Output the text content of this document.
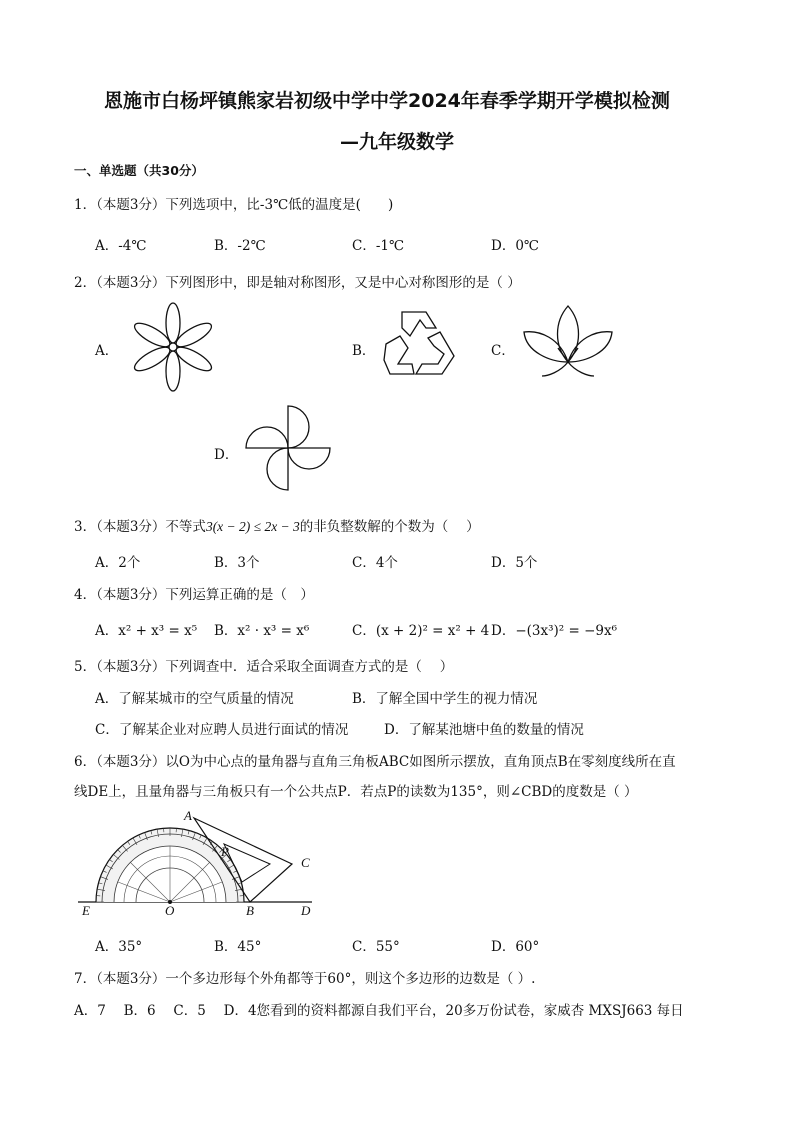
恩施市白杨坪镇熊家岩初级中学中学2024年春季学期开学模拟检测
—九年级数学
一、单选题（共30分）
1．（本题3分）下列选项中，比-3℃低的温度是(　　)
A．-4℃	B．-2℃	C．-1℃	D．0℃
2．（本题3分）下列图形中，即是轴对称图形，又是中心对称图形的是（ ）
A．	B．	C．
D．
3．（本题3分）不等式3(x − 2) ≤ 2x − 3的非负整数解的个数为（　 ）
A．2个	B．3个	C．4个	D．5个
4．（本题3分）下列运算正确的是（　）
A．x² + x³ = x⁵ B．x² · x³ = x⁶	C．(x + 2)² = x² + 4 D．−(3x³)² = −9x⁶
5．（本题3分）下列调查中．适合采取全面调查方式的是（　 ）
A．了解某城市的空气质量的情况	B．了解全国中学生的视力情况
C．了解某企业对应聘人员进行面试的情况	D．了解某池塘中鱼的数量的情况
6．（本题3分）以O为中心点的量角器与直角三角板ABC如图所示摆放，直角顶点B在零刻度线所在直
线DE上，且量角器与三角板只有一个公共点P．若点P的读数为135°，则∠CBD的度数是（ ）
A
P
C
E	O	B	D
A．35°	B．45°	C．55°	D．60°
7．（本题3分）一个多边形每个外角都等于60°，则这个多边形的边数是（ ）.
A．7　 B．6　 C．5　 D．4您看到的资料都源自我们平台，20多万份试卷，家威杏 MXSJ663 每日
